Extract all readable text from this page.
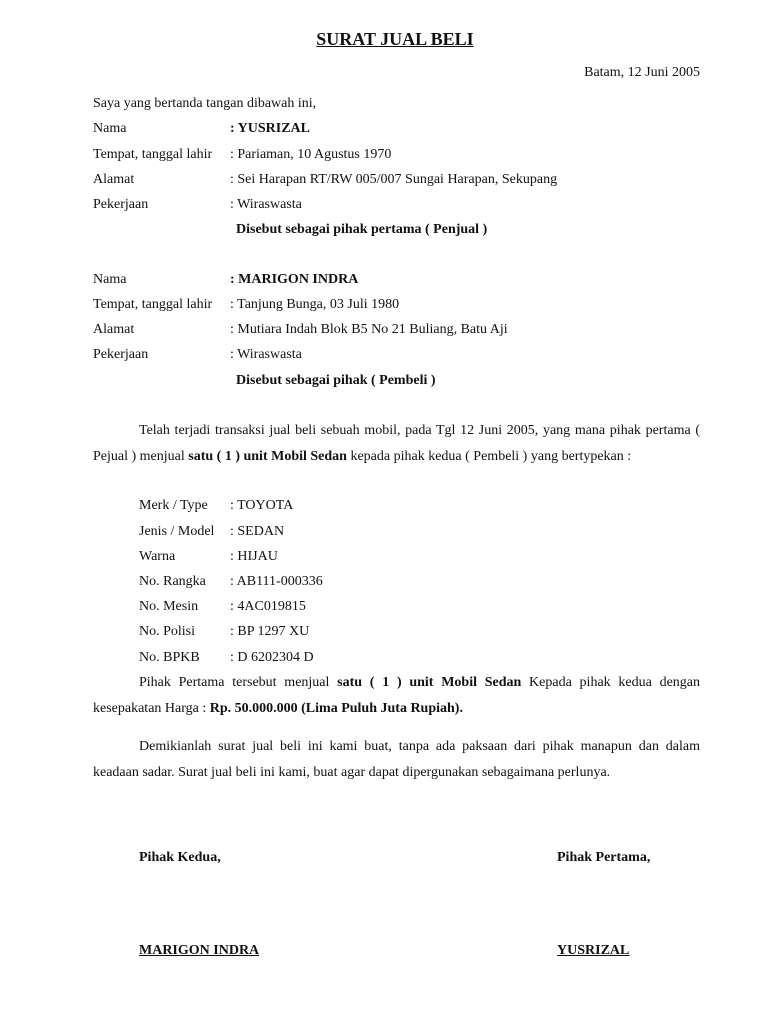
SURAT JUAL BELI
Batam, 12 Juni 2005
Saya yang bertanda tangan dibawah ini,
Nama	: YUSRIZAL
Tempat, tanggal lahir : Pariaman, 10 Agustus 1970
Alamat	: Sei Harapan RT/RW 005/007 Sungai Harapan, Sekupang
Pekerjaan	: Wiraswasta
Disebut sebagai pihak pertama ( Penjual )
Nama	: MARIGON INDRA
Tempat, tanggal lahir : Tanjung Bunga, 03 Juli 1980
Alamat	: Mutiara Indah Blok B5 No 21 Buliang, Batu Aji
Pekerjaan	: Wiraswasta
Disebut sebagai pihak ( Pembeli )
Telah terjadi transaksi jual beli sebuah mobil, pada Tgl 12 Juni 2005, yang mana pihak pertama ( Pejual ) menjual satu ( 1 ) unit Mobil Sedan kepada pihak kedua ( Pembeli ) yang bertypekan :
Merk / Type : TOYOTA
Jenis / Model : SEDAN
Warna	: HIJAU
No. Rangka : AB111-000336
No. Mesin : 4AC019815
No. Polisi : BP 1297 XU
No. BPKB : D 6202304 D
Pihak Pertama tersebut menjual satu ( 1 ) unit Mobil Sedan Kepada pihak kedua dengan kesepakatan Harga : Rp. 50.000.000 (Lima Puluh Juta Rupiah).
Demikianlah surat jual beli ini kami buat, tanpa ada paksaan dari pihak manapun dan dalam keadaan sadar. Surat jual beli ini kami, buat agar dapat dipergunakan sebagaimana perlunya.
Pihak Kedua,	Pihak Pertama,
MARIGON INDRA	YUSRIZAL
